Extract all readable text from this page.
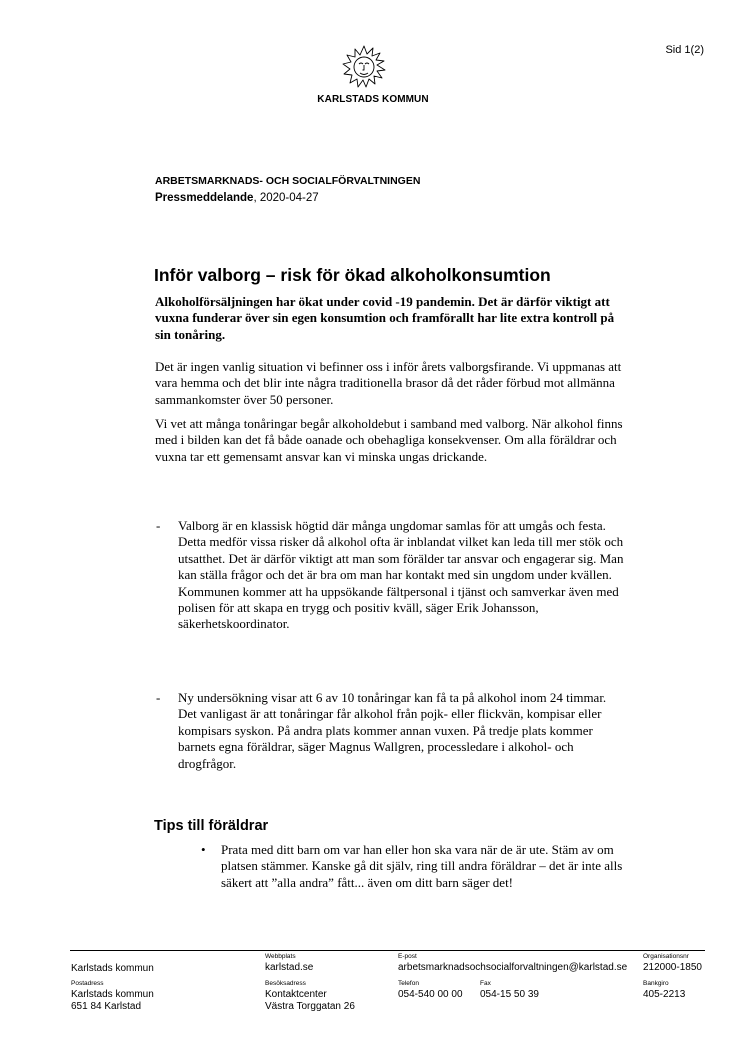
Sid 1(2)
KARLSTADS KOMMUN
ARBETSMARKNADS- OCH SOCIALFÖRVALTNINGEN
Pressmeddelande, 2020-04-27
Inför valborg – risk för ökad alkoholkonsumtion

Alkoholförsäljningen har ökat under covid -19 pandemin. Det är därför viktigt att vuxna funderar över sin egen konsumtion och framförallt har lite extra kontroll på sin tonåring.

Det är ingen vanlig situation vi befinner oss i inför årets valborgsfirande. Vi uppmanas att vara hemma och det blir inte några traditionella brasor då det råder förbud mot allmänna sammankomster över 50 personer.

Vi vet att många tonåringar begår alkoholdebut i samband med valborg. När alkohol finns med i bilden kan det få både oanade och obehagliga konsekvenser. Om alla föräldrar och vuxna tar ett gemensamt ansvar kan vi minska ungas drickande.

- Valborg är en klassisk högtid där många ungdomar samlas för att umgås och festa. Detta medför vissa risker då alkohol ofta är inblandat vilket kan leda till mer stök och utsatthet. Det är därför viktigt att man som förälder tar ansvar och engagerar sig. Man kan ställa frågor och det är bra om man har kontakt med sin ungdom under kvällen. Kommunen kommer att ha uppsökande fältpersonal i tjänst och samverkar även med polisen för att skapa en trygg och positiv kväll, säger Erik Johansson, säkerhetskoordinator.

- Ny undersökning visar att 6 av 10 tonåringar kan få ta på alkohol inom 24 timmar. Det vanligast är att tonåringar får alkohol från pojk- eller flickvän, kompisar eller kompisars syskon. På andra plats kommer annan vuxen. På tredje plats kommer barnets egna föräldrar, säger Magnus Wallgren, processledare i alkohol- och drogfrågor.

Tips till föräldrar
• Prata med ditt barn om var han eller hon ska vara när de är ute. Stäm av om platsen stämmer. Kanske gå dit själv, ring till andra föräldrar – det är inte alls säkert att ”alla andra” fått... även om ditt barn säger det!

Karlstads kommun
Webbplats
karlstad.se
E-post
arbetsmarknadsochsocialforvaltningen@karlstad.se
Organisationsnr
212000-1850
Postadress
Karlstads kommun
651 84 Karlstad
Besöksadress
Kontaktcenter
Västra Torggatan 26
Telefon
054-540 00 00
Fax
054-15 50 39
Bankgiro
405-2213
